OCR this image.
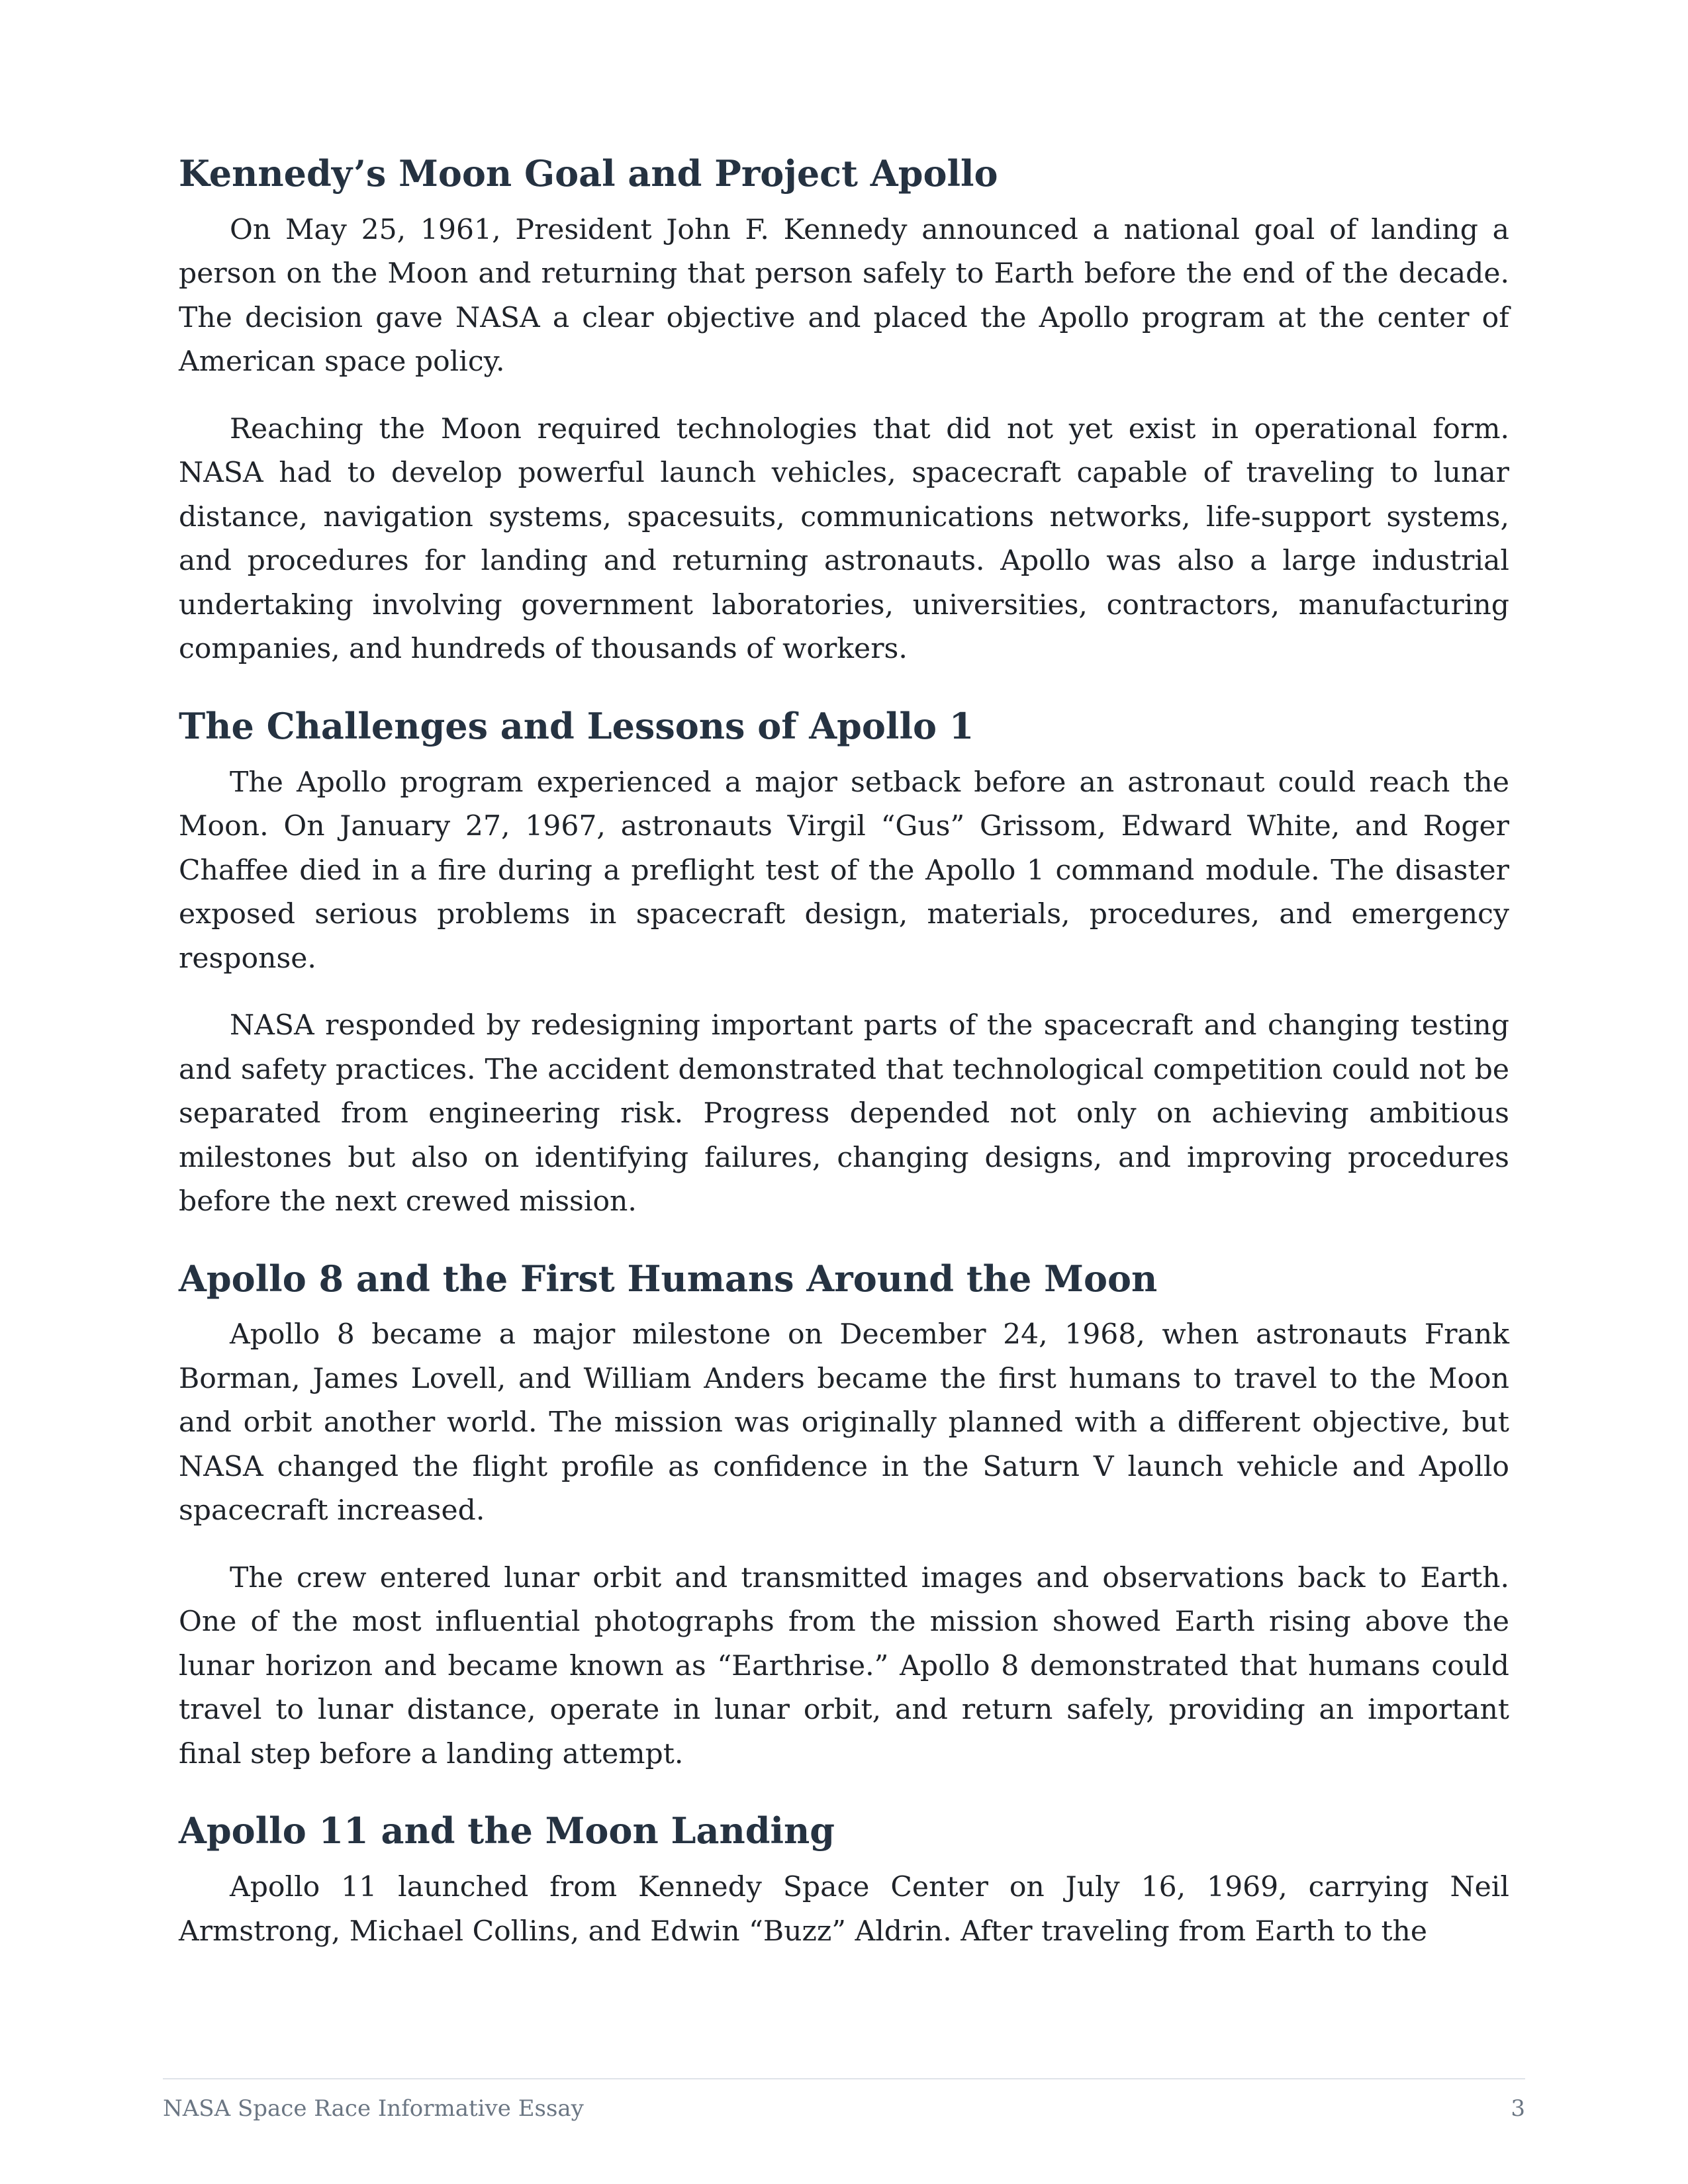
Kennedy’s Moon Goal and Project Apollo

On May 25, 1961, President John F. Kennedy announced a national goal of landing a person on the Moon and returning that person safely to Earth before the end of the decade. The decision gave NASA a clear objective and placed the Apollo program at the center of American space policy.

Reaching the Moon required technologies that did not yet exist in operational form. NASA had to develop powerful launch vehicles, spacecraft capable of traveling to lunar distance, navigation systems, spacesuits, communications networks, life-support systems, and procedures for landing and returning astronauts. Apollo was also a large industrial undertaking involving government laboratories, universities, contractors, manufacturing companies, and hundreds of thousands of workers.

The Challenges and Lessons of Apollo 1

The Apollo program experienced a major setback before an astronaut could reach the Moon. On January 27, 1967, astronauts Virgil “Gus” Grissom, Edward White, and Roger Chaffee died in a fire during a preflight test of the Apollo 1 command module. The disaster exposed serious problems in spacecraft design, materials, procedures, and emergency response.

NASA responded by redesigning important parts of the spacecraft and changing testing and safety practices. The accident demonstrated that technological competition could not be separated from engineering risk. Progress depended not only on achieving ambitious milestones but also on identifying failures, changing designs, and improving procedures before the next crewed mission.

Apollo 8 and the First Humans Around the Moon

Apollo 8 became a major milestone on December 24, 1968, when astronauts Frank Borman, James Lovell, and William Anders became the first humans to travel to the Moon and orbit another world. The mission was originally planned with a different objective, but NASA changed the flight profile as confidence in the Saturn V launch vehicle and Apollo spacecraft increased.

The crew entered lunar orbit and transmitted images and observations back to Earth. One of the most influential photographs from the mission showed Earth rising above the lunar horizon and became known as “Earthrise.” Apollo 8 demonstrated that humans could travel to lunar distance, operate in lunar orbit, and return safely, providing an important final step before a landing attempt.

Apollo 11 and the Moon Landing

Apollo 11 launched from Kennedy Space Center on July 16, 1969, carrying Neil Armstrong, Michael Collins, and Edwin “Buzz” Aldrin. After traveling from Earth to the

NASA Space Race Informative Essay	3
